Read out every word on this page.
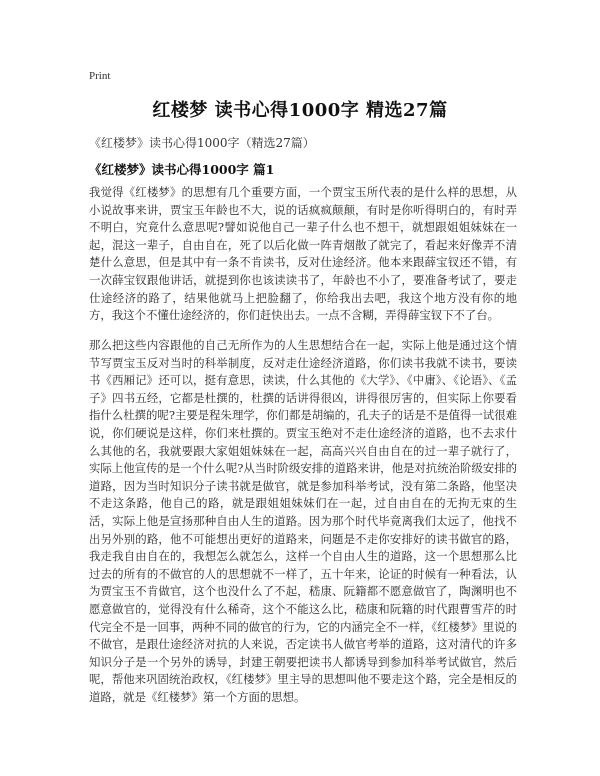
Print
红楼梦 读书心得1000字 精选27篇
《红楼梦》读书心得1000字（精选27篇）
《红楼梦》读书心得1000字 篇1

我觉得《红楼梦》的思想有几个重要方面，一个贾宝玉所代表的是什么样的思想，从小说故事来讲，贾宝玉年龄也不大，说的话疯疯颠颠，有时是你听得明白的，有时弄不明白，究竟什么意思呢?譬如说他自己一辈子什么也不想干，就想跟姐姐妹妹在一起，混这一辈子，自由自在，死了以后化做一阵青烟散了就完了，看起来好像弄不清楚什么意思，但是其中有一条不肯读书，反对仕途经济。他本来跟薛宝钗还不错，有一次薛宝钗跟他讲话，就提到你也该读读书了，年龄也不小了，要准备考试了，要走仕途经济的路了，结果他就马上把脸翻了，你给我出去吧，我这个地方没有你的地方，我这个不懂仕途经济的，你们赶快出去。一点不含糊，弄得薛宝钗下不了台。

那么把这些内容跟他的自己无所作为的人生思想结合在一起，实际上他是通过这个情节写贾宝玉反对当时的科举制度，反对走仕途经济道路，你们读书我就不读书，要读书《西厢记》还可以，挺有意思，读读，什么其他的《大学》、《中庸》、《论语》、《孟子》四书五经，它都是杜撰的，杜撰的话讲得很凶，讲得很厉害的，但实际上你要看指什么杜撰的呢?主要是程朱理学，你们都是胡编的，孔夫子的话是不是值得一试很难说，你们硬说是这样，你们来杜撰的。贾宝玉绝对不走仕途经济的道路，也不去求什么其他的名，我就要跟大家姐姐妹妹在一起，高高兴兴自由自在的过一辈子就行了，实际上他宣传的是一个什么呢?从当时阶级安排的道路来讲，他是对抗统治阶级安排的道路，因为当时知识分子读书就是做官，就是参加科举考试，没有第二条路，他坚决不走这条路，他自己的路，就是跟姐姐妹妹们在一起，过自由自在的无拘无束的生活，实际上他是宣扬那种自由人生的道路。因为那个时代毕竟离我们太远了，他找不出另外别的路，他不可能想出更好的道路来，问题是不走你安排好的读书做官的路，我走我自由自在的，我想怎么就怎么，这样一个自由人生的道路，这一个思想那么比过去的所有的不做官的人的思想就不一样了，五十年来，论证的时候有一种看法，认为贾宝玉不肯做官，这个也没什么了不起，嵇康、阮籍都不愿意做官了，陶渊明也不愿意做官的，觉得没有什么稀奇，这个不能这么比，嵇康和阮籍的时代跟曹雪芹的时代完全不是一回事，两种不同的做官的行为，它的内涵完全不一样，《红楼梦》里说的不做官，是跟仕途经济对抗的人来说，否定读书人做官考举的道路，这对清代的许多知识分子是一个另外的诱导，封建王朝要把读书人都诱导到参加科举考试做官，然后呢，帮他来巩固统治政权，《红楼梦》里主导的思想叫他不要走这个路，完全是相反的道路，就是《红楼梦》第一个方面的思想。
